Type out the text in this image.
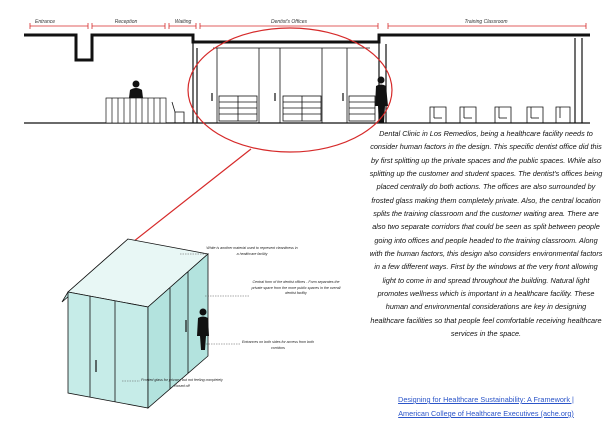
Entrance	Reception	Waiting	Dentist's Offices	Training Classroom
Dental Clinic in Los Remedios, being a healthcare facility needs to consider human factors in the design. This specific dentist office did this by first splitting up the private spaces and the public spaces. While also splitting up the customer and student spaces. The dentist's offices being placed centrally do both actions. The offices are also surrounded by frosted glass making them completely private. Also, the central location splits the training classroom and the customer waiting area. There are also two separate corridors that could be seen as split between people going into offices and people headed to the training classroom. Along with the human factors, this design also considers environmental factors in a few different ways. First by the windows at the very front allowing light to come in and spread throughout the building. Natural light promotes wellness which is important in a healthcare facility. These human and environmental considerations are key in designing healthcare facilities so that people feel comfortable receiving healthcare services in the space.
Designing for Healthcare Sustainability: A Framework |
American College of Healthcare Executives (ache.org)
White is another material used to represent cleanliness in a healthcare facility
Central form of the dentist offices - Form separates the private space from the more public spaces in the overall dentist facility
Entrances on both sides for access from both corridors
Frosted glass for privacy, but not feeling completely closed off
